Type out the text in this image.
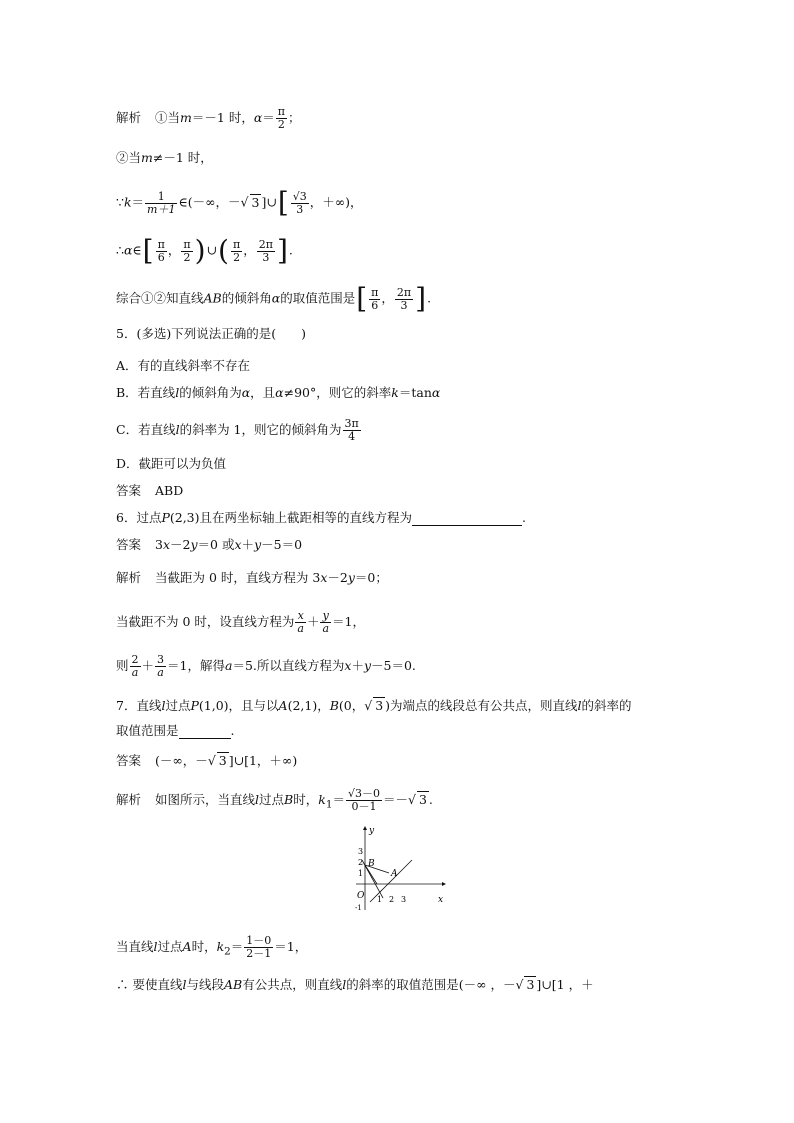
解析 ①当m＝－1 时，$\alpha= \frac{\pi}{2}$ ；
②当m≠－1 时，
∵k＝ $\frac{1}{m+1}$ ∈(－∞，－√ 3 ]∪[ $\frac{√3}{3}$ ，＋∞)，
∴α∈[ $\frac{\pi}{6}$ ， $\frac{\pi}{2}$ )∪( $\frac{\pi}{2}$ ， $\frac{2\pi}{3}$ ].
综合①②知直线AB的倾斜角α的取值范围是[ $\frac{\pi}{6}$ ， $\frac{2\pi}{3}$ ].
5．(多选)下列说法正确的是(　　)
A．有的直线斜率不存在
B．若直线l的倾斜角为α，且α≠90°，则它的斜率k＝tanα
C．若直线l的斜率为 1，则它的倾斜角为 $\frac{3\pi}{4}$
D．截距可以为负值
答案 ABD
6．过点P(2,3)且在两坐标轴上截距相等的直线方程为	.
答案 3x－2y＝0 或x＋y－5＝0
解析 当截距为 0 时，直线方程为 3x－2y＝0；
当截距不为 0 时，设直线方程为 $\frac{x}{a} + \frac{y}{a} =1$，
则 $\frac{2}{a} + \frac{3}{a} =1$，解得a＝5.所以直线方程为x＋y－5＝0.
7．直线l过点P(1,0)，且与以A(2,1)，B(0，√ 3 )为端点的线段总有公共点，则直线l的斜率的
取值范围是	.
答案 (－∞，－√ 3 ]∪[1，＋∞)
解析 如图所示，当直线l过点B时，$k_1= \frac{√3-0}{0-1}$ ＝－√ 3 .
x
y
O 1 2 3
1
2
3
-1
B
A
当直线l过点A时，$k_2= \frac{1-0}{2-1} =1$，
∴ 要使直线l与线段AB有公共点，则直线l的斜率的取值范围是(－∞ ，－√ 3 ]∪[1 ，＋
